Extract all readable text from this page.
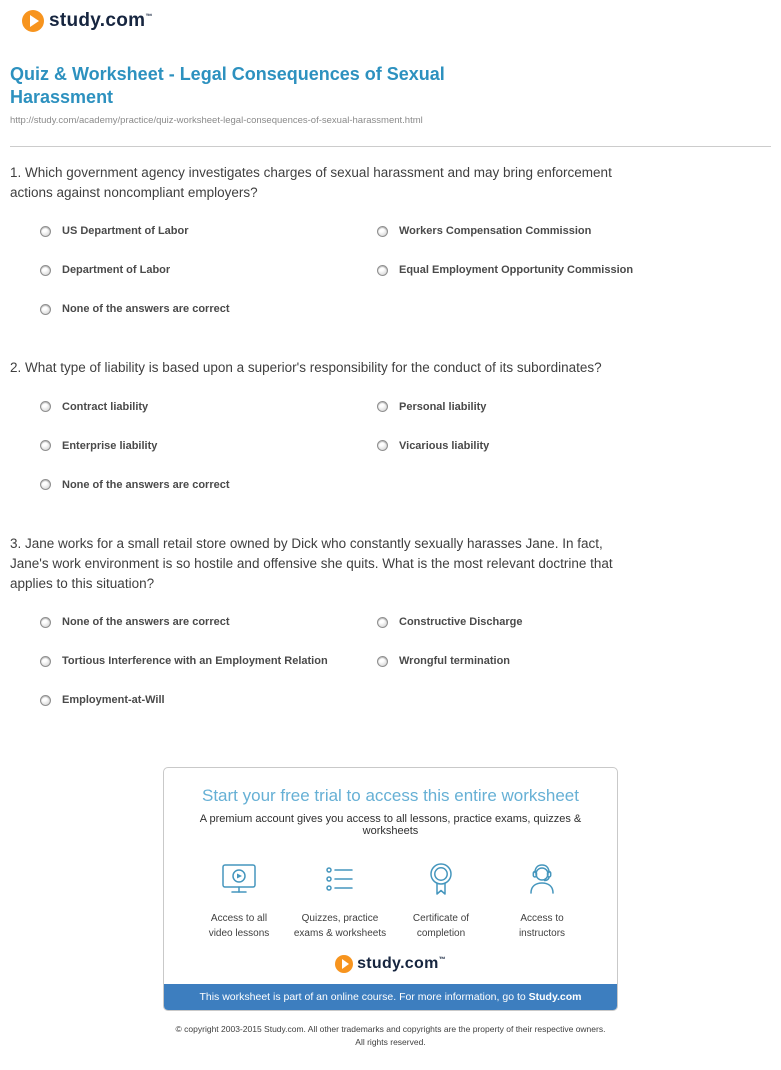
study.com™
Quiz & Worksheet - Legal Consequences of Sexual Harassment
http://study.com/academy/practice/quiz-worksheet-legal-consequences-of-sexual-harassment.html

1. Which government agency investigates charges of sexual harassment and may bring enforcement actions against noncompliant employers?

US Department of Labor
Department of Labor
None of the answers are correct
Workers Compensation Commission
Equal Employment Opportunity Commission

2. What type of liability is based upon a superior's responsibility for the conduct of its subordinates?

Contract liability
Enterprise liability
None of the answers are correct
Personal liability
Vicarious liability

3. Jane works for a small retail store owned by Dick who constantly sexually harasses Jane. In fact, Jane's work environment is so hostile and offensive she quits. What is the most relevant doctrine that applies to this situation?

None of the answers are correct
Tortious Interference with an Employment Relation
Employment-at-Will
Constructive Discharge
Wrongful termination
Start your free trial to access this entire worksheet

A premium account gives you access to all lessons, practice exams, quizzes & worksheets

Access to all
video lessons
Quizzes, practice
exams & worksheets
Certificate of
completion
Access to
instructors
study.com™
This worksheet is part of an online course. For more information, go to Study.com
© copyright 2003-2015 Study.com. All other trademarks and copyrights are the property of their respective owners.
All rights reserved.
